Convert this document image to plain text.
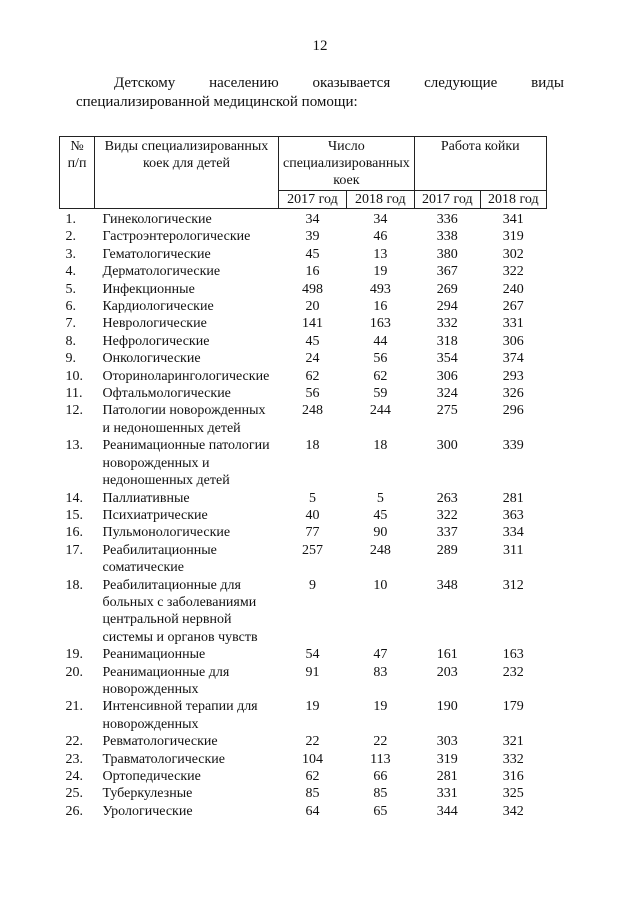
12
Детскому населению оказывается следующие виды
специализированной медицинской помощи:
№ п/п	Виды специализированных коек для детей	Число специализированных коек		Работа койки	
		2017 год	2018 год	2017 год	2018 год
1.	Гинекологические	34	34	336	341
2.	Гастроэнтерологические	39	46	338	319
3.	Гематологические	45	13	380	302
4.	Дерматологические	16	19	367	322
5.	Инфекционные	498	493	269	240
6.	Кардиологические	20	16	294	267
7.	Неврологические	141	163	332	331
8.	Нефрологические	45	44	318	306
9.	Онкологические	24	56	354	374
10.	Оториноларингологические	62	62	306	293
11.	Офтальмологические	56	59	324	326
12.	Патологии новорожденных и недоношенных детей	248	244	275	296
13.	Реанимационные патологии новорожденных и недоношенных детей	18	18	300	339
14.	Паллиативные	5	5	263	281
15.	Психиатрические	40	45	322	363
16.	Пульмонологические	77	90	337	334
17.	Реабилитационные соматические	257	248	289	311
18.	Реабилитационные для больных с заболеваниями центральной нервной системы и органов чувств	9	10	348	312
19.	Реанимационные	54	47	161	163
20.	Реанимационные для новорожденных	91	83	203	232
21.	Интенсивной терапии для новорожденных	19	19	190	179
22.	Ревматологические	22	22	303	321
23.	Травматологические	104	113	319	332
24.	Ортопедические	62	66	281	316
25.	Туберкулезные	85	85	331	325
26.	Урологические	64	65	344	342
